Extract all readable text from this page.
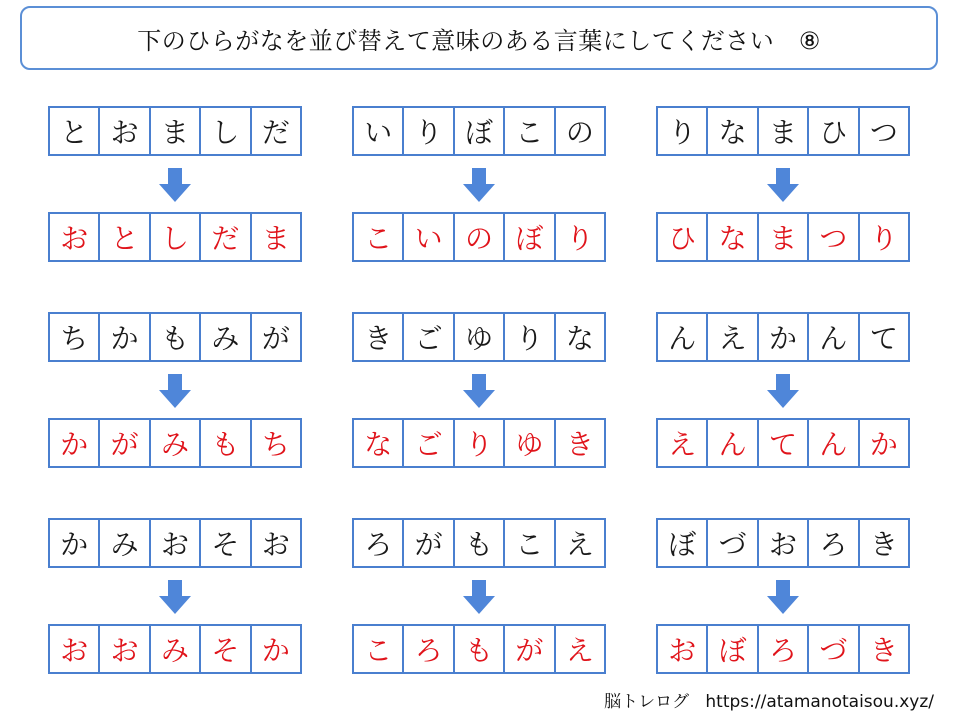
下のひらがなを並び替えて意味のある言葉にしてください　⑧
と お ま し だ
お と し だ ま
い り ぼ こ の
こ い の ぼ り
り な ま ひ つ
ひ な ま つ り
ち か も み が
か が み も ち
き ご ゆ り な
な ご り ゆ き
ん え か ん て
え ん て ん か
か み お そ お
お お み そ か
ろ が も こ え
こ ろ も が え
ぼ づ お ろ き
お ぼ ろ づ き
脳トレログ https://atamanotaisou.xyz/
